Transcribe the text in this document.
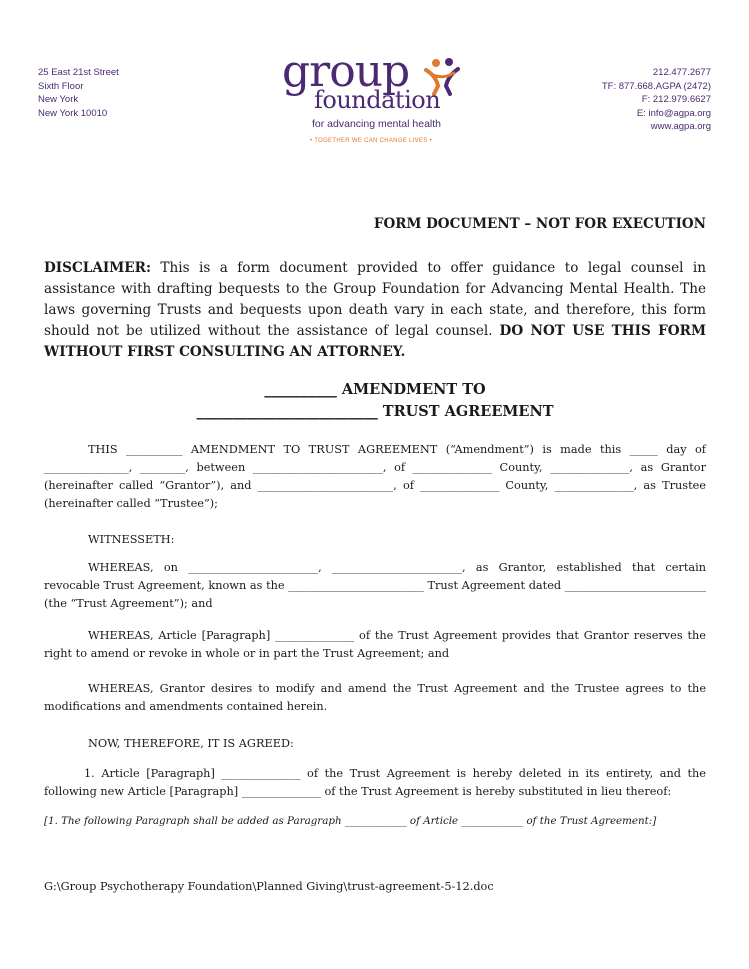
25 East 21st Street
Sixth Floor
New York
New York 10010
group
foundation
for advancing mental health
• TOGETHER WE CAN CHANGE LIVES •
212.477.2677
TF: 877.668.AGPA (2472)
F: 212.979.6627
E: info@agpa.org
www.agpa.org
FORM DOCUMENT – NOT FOR EXECUTION
DISCLAIMER: This is a form document provided to offer guidance to legal counsel in assistance with drafting bequests to the Group Foundation for Advancing Mental Health. The laws governing Trusts and bequests upon death vary in each state, and therefore, this form should not be utilized without the assistance of legal counsel. DO NOT USE THIS FORM WITHOUT FIRST CONSULTING AN ATTORNEY.
__________ AMENDMENT TO
_________________________ TRUST AGREEMENT
THIS __________ AMENDMENT TO TRUST AGREEMENT (“Amendment”) is made this _____ day of _______________, ________, between _______________________, of ______________ County, ______________, as Grantor (hereinafter called “Grantor”), and ________________________, of ______________ County, ______________, as Trustee (hereinafter called “Trustee”);
WITNESSETH:
WHEREAS, on _______________________, _______________________, as Grantor, established that certain revocable Trust Agreement, known as the ________________________ Trust Agreement dated _________________________ (the “Trust Agreement”); and
WHEREAS, Article [Paragraph] ______________ of the Trust Agreement provides that Grantor reserves the right to amend or revoke in whole or in part the Trust Agreement; and
WHEREAS, Grantor desires to modify and amend the Trust Agreement and the Trustee agrees to the modifications and amendments contained herein.
NOW, THEREFORE, IT IS AGREED:
1. Article [Paragraph] ______________ of the Trust Agreement is hereby deleted in its entirety, and the following new Article [Paragraph] ______________ of the Trust Agreement is hereby substituted in lieu thereof:
[1. The following Paragraph shall be added as Paragraph ____________ of Article ____________ of the Trust Agreement:]
G:\Group Psychotherapy Foundation\Planned Giving\trust-agreement-5-12.doc
